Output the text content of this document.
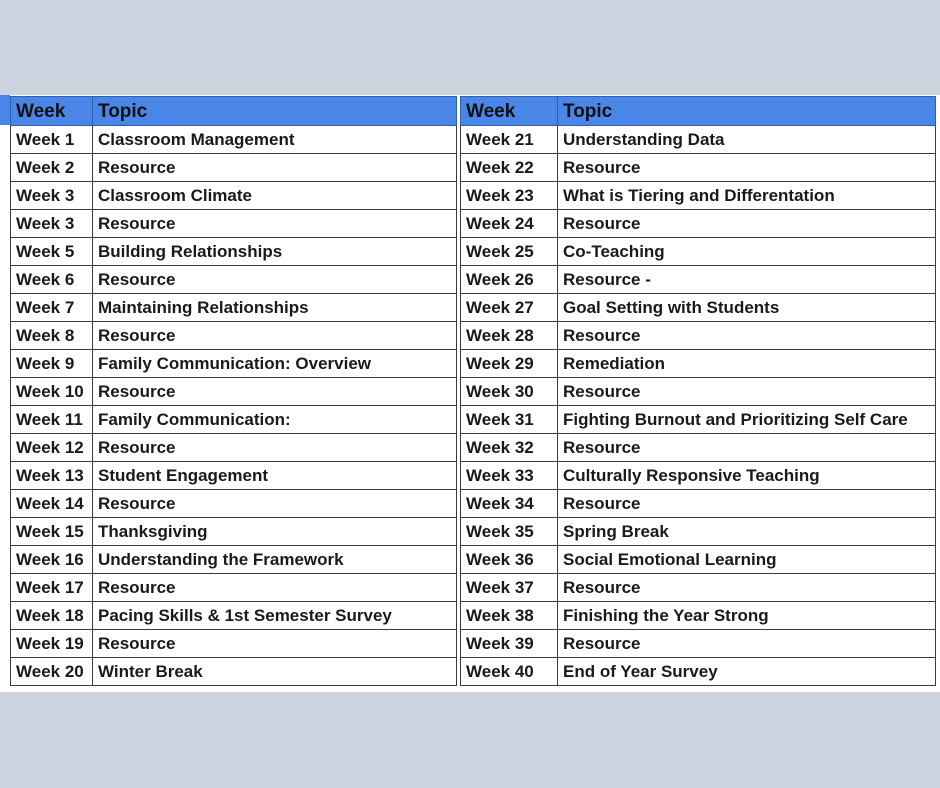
Week	Topic
Week 1	Classroom Management
Week 2	Resource
Week 3	Classroom Climate
Week 3	Resource
Week 5	Building Relationships
Week 6	Resource
Week 7	Maintaining Relationships
Week 8	Resource
Week 9	Family Communication: Overview
Week 10	Resource
Week 11	Family Communication:
Week 12	Resource
Week 13	Student Engagement
Week 14	Resource
Week 15	Thanksgiving
Week 16	Understanding the Framework
Week 17	Resource
Week 18	Pacing Skills & 1st Semester Survey
Week 19	Resource
Week 20	Winter Break
Week	Topic
Week 21	Understanding Data
Week 22	Resource
Week 23	What is Tiering and Differentation
Week 24	Resource
Week 25	Co-Teaching
Week 26	Resource -
Week 27	Goal Setting with Students
Week 28	Resource
Week 29	Remediation
Week 30	Resource
Week 31	Fighting Burnout and Prioritizing Self Care
Week 32	Resource
Week 33	Culturally Responsive Teaching
Week 34	Resource
Week 35	Spring Break
Week 36	Social Emotional Learning
Week 37	Resource
Week 38	Finishing the Year Strong
Week 39	Resource
Week 40	End of Year Survey
